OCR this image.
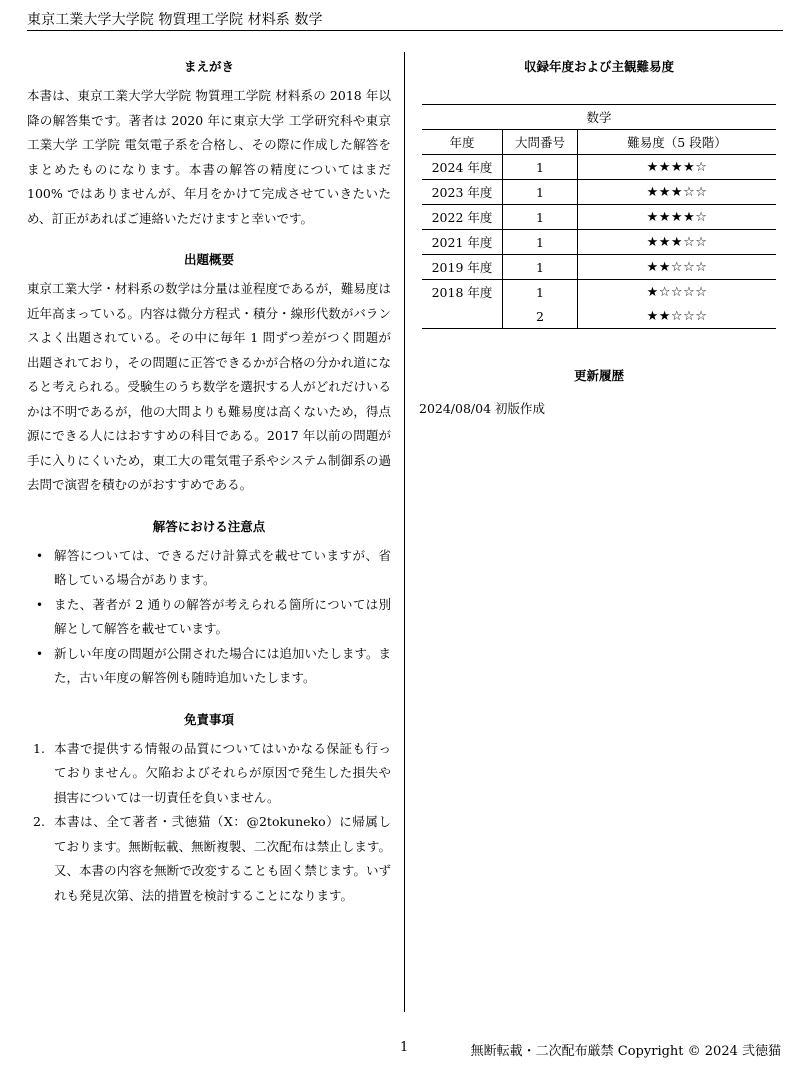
東京工業大学大学院 物質理工学院 材料系 数学
まえがき

本書は、東京工業大学大学院 物質理工学院 材料系の 2018 年以降の解答集です。著者は 2020 年に東京大学 工学研究科や東京工業大学 工学院 電気電子系を合格し、その際に作成した解答をまとめたものになります。本書の解答の精度についてはまだ 100% ではありませんが、年月をかけて完成させていきたいため、訂正があればご連絡いただけますと幸いです。

出題概要

東京工業大学・材料系の数学は分量は並程度であるが，難易度は近年高まっている。内容は微分方程式・積分・線形代数がバランスよく出題されている。その中に毎年 1 問ずつ差がつく問題が出題されており，その問題に正答できるかが合格の分かれ道になると考えられる。受験生のうち数学を選択する人がどれだけいるかは不明であるが，他の大問よりも難易度は高くないため，得点源にできる人にはおすすめの科目である。2017 年以前の問題が手に入りにくいため，東工大の電気電子系やシステム制御系の過去問で演習を積むのがおすすめである。

解答における注意点
• 解答については、できるだけ計算式を載せていますが、省略している場合があります。
• また、著者が 2 通りの解答が考えられる箇所については別解として解答を載せています。
• 新しい年度の問題が公開された場合には追加いたします。また，古い年度の解答例も随時追加いたします。
免責事項
1. 本書で提供する情報の品質についてはいかなる保証も行っておりません。欠陥およびそれらが原因で発生した損失や損害については一切責任を負いません。
2. 本書は、全て著者・弐徳猫（X：@2tokuneko）に帰属しております。無断転載、無断複製、二次配布は禁止します。又、本書の内容を無断で改変することも固く禁じます。いずれも発見次第、法的措置を検討することになります。
収録年度および主観難易度
数学		
年度	大問番号	難易度（5 段階）
2024 年度	1	★★★★☆
2023 年度	1	★★★☆☆
2022 年度	1	★★★★☆
2021 年度	1	★★★☆☆
2019 年度	1	★★☆☆☆
2018 年度	1	★☆☆☆☆
	2	★★☆☆☆
更新履歴
2024/08/04 初版作成
1	無断転載・二次配布厳禁 Copyright © 2024 弐徳猫
